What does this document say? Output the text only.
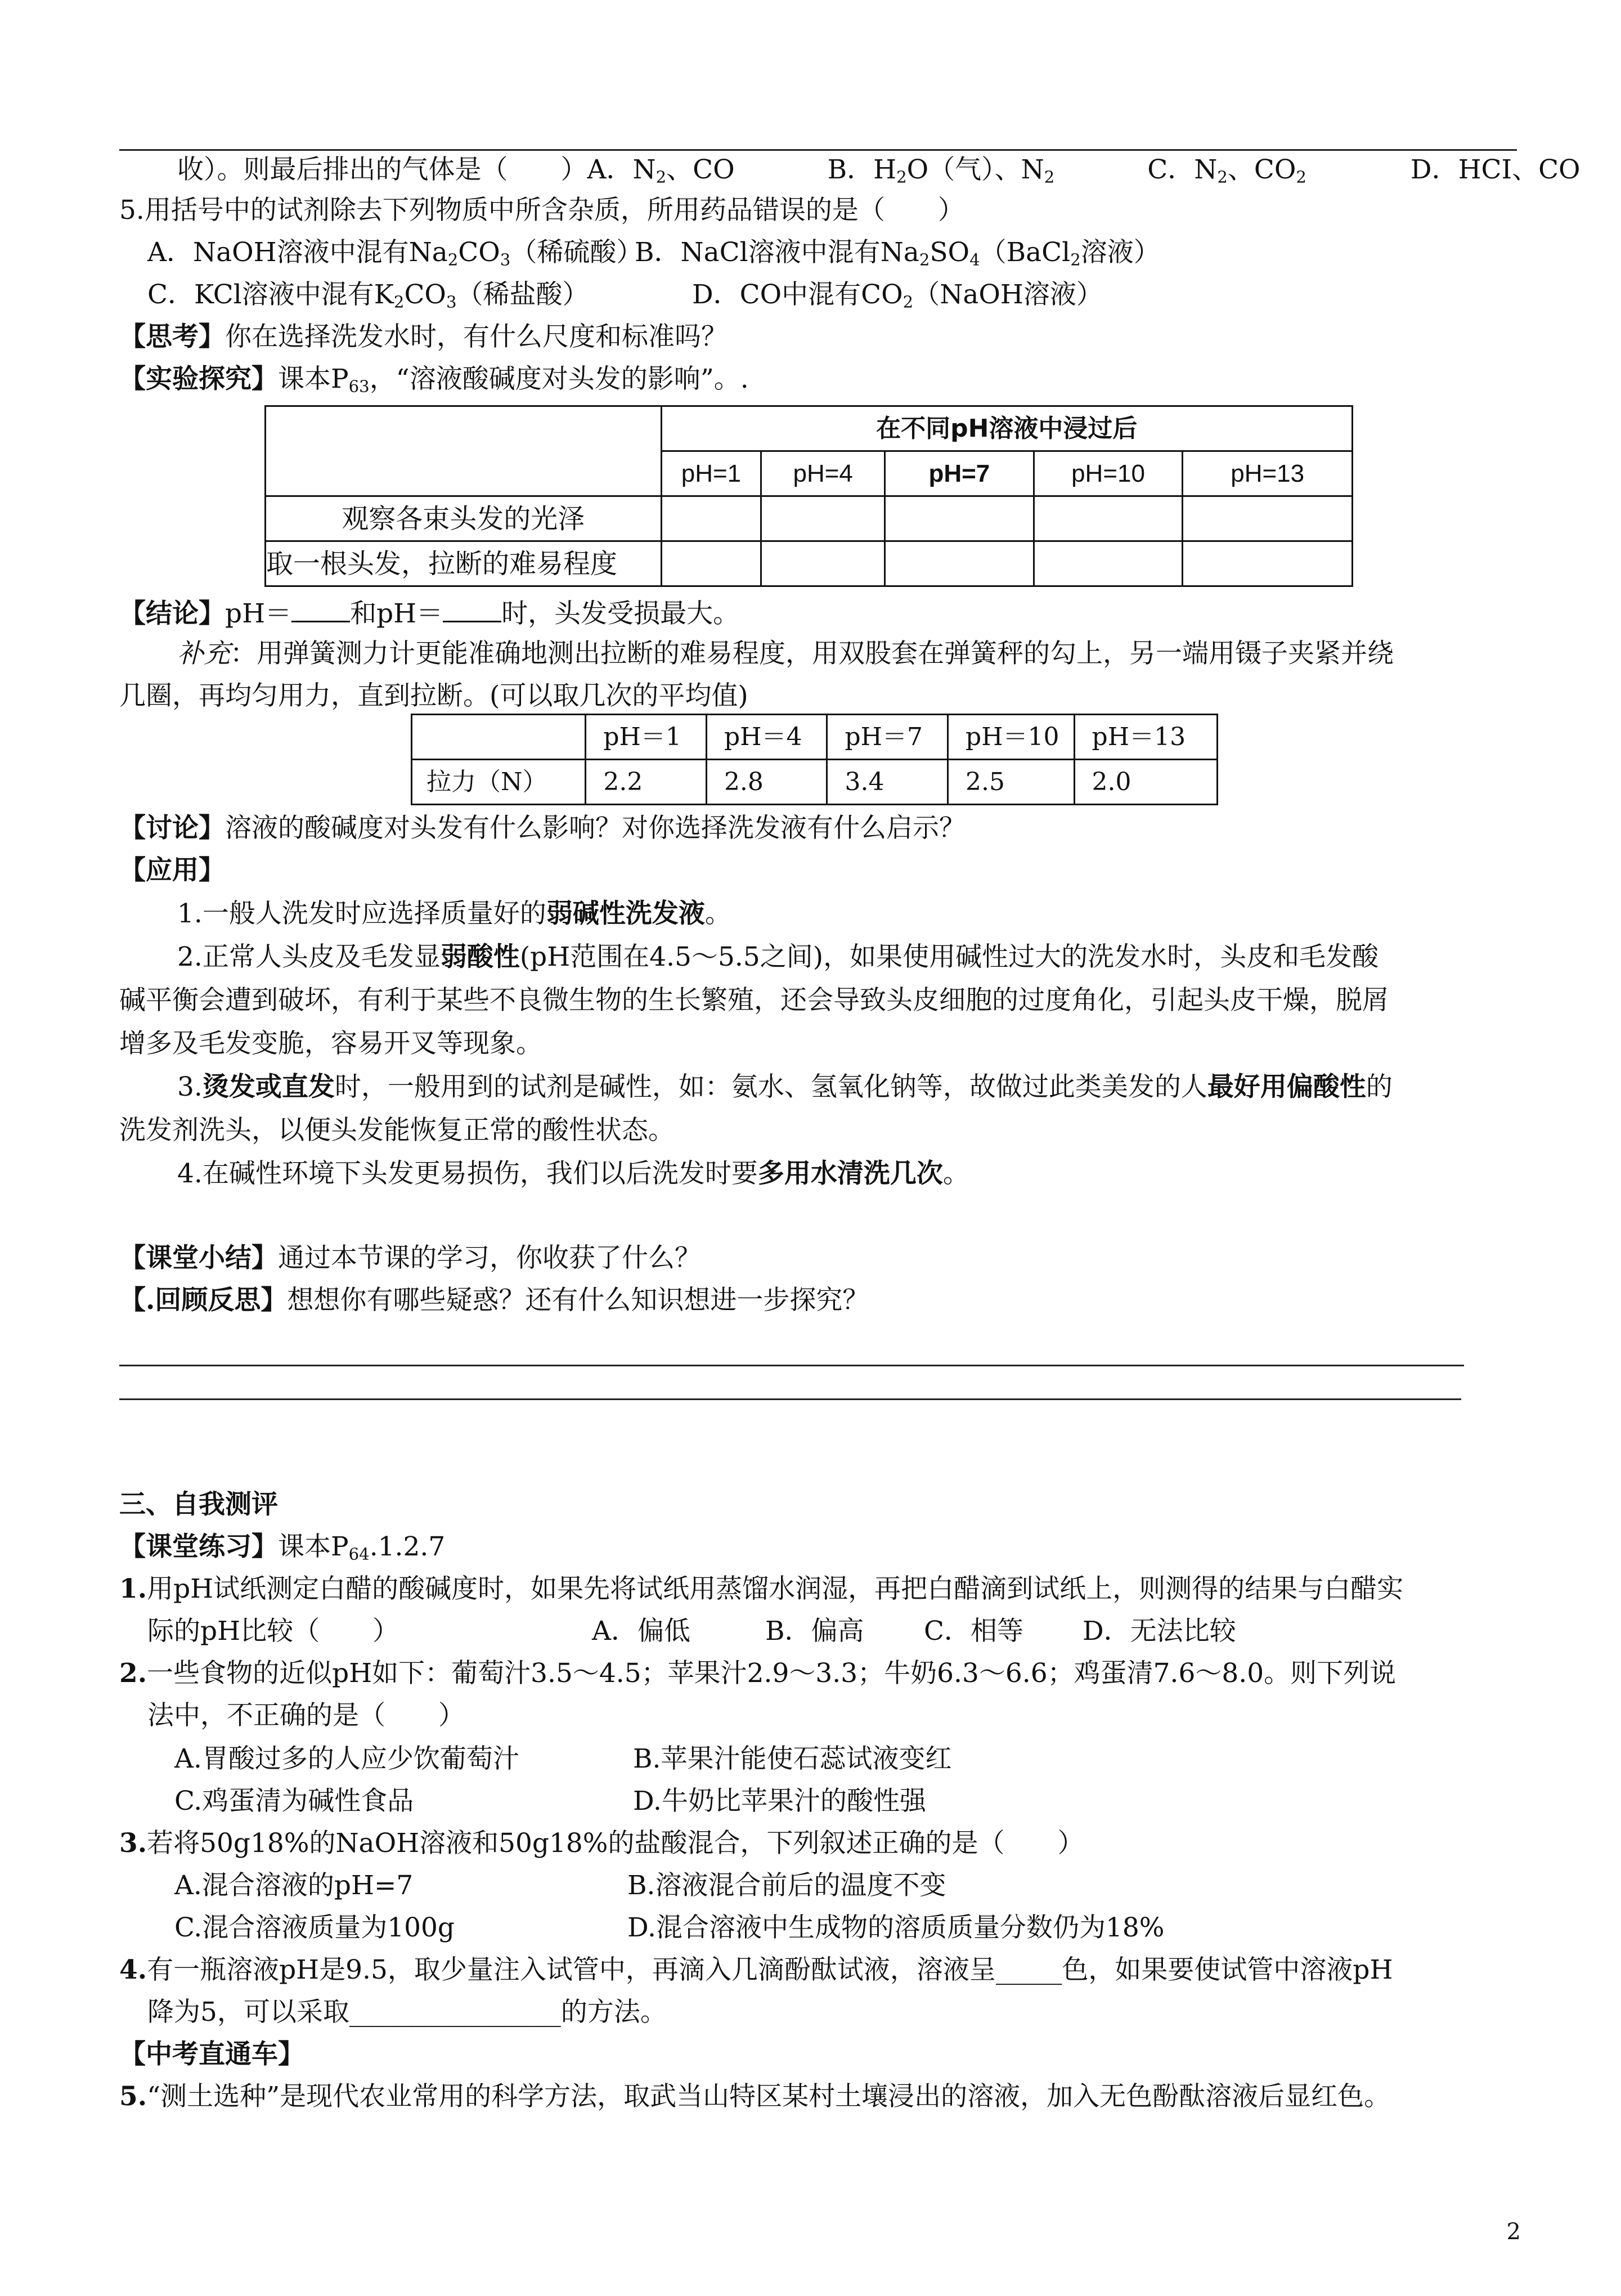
收）。则最后排出的气体是（　　）A．$N_2$、CO	B．$H_2O$（气）、$N_2$	C．$N_2$、$CO_2$	D．HCI、CO
5.用括号中的试剂除去下列物质中所含杂质，所用药品错误的是（　　）
A．NaOH溶液中混有$Na_2CO_3$（稀硫酸）
B．NaCl溶液中混有$Na_2SO_4(BaCl_2$溶液）
C．KCl溶液中混有$K_2CO_3$（稀盐酸）	D．CO中混有$CO_2(NaOH$溶液）
【思考】你在选择洗发水时，有什么尺度和标准吗？
【实验探究】课本$P_{63}$，“溶液酸碱度对头发的影响”。.
	在不同pH溶液中浸过后				
	pH=1	pH=4	pH=7	pH=10	pH=13
观察各束头发的光泽					
取一根头发，拉断的难易程度					
【结论】pH＝ 和pH＝ 时，头发受损最大。
补充：用弹簧测力计更能准确地测出拉断的难易程度，用双股套在弹簧秤的勾上，另一端用镊子夹紧并绕
几圈，再均匀用力，直到拉断。(可以取几次的平均值)
	pH＝1	pH＝4	pH＝7	pH＝10	pH＝13
拉力（N）	2.2	2.8	3.4	2.5	2.0
【讨论】溶液的酸碱度对头发有什么影响？对你选择洗发液有什么启示？
【应用】
1.一般人洗发时应选择质量好的弱碱性洗发液。
2.正常人头皮及毛发显弱酸性(pH范围在4.5～5.5之间)，如果使用碱性过大的洗发水时，头皮和毛发酸
碱平衡会遭到破坏，有利于某些不良微生物的生长繁殖，还会导致头皮细胞的过度角化，引起头皮干燥，脱屑
增多及毛发变脆，容易开叉等现象。
3.烫发或直发时，一般用到的试剂是碱性，如：氨水、氢氧化钠等，故做过此类美发的人最好用偏酸性的
洗发剂洗头，以便头发能恢复正常的酸性状态。
4.在碱性环境下头发更易损伤，我们以后洗发时要多用水清洗几次。
【课堂小结】通过本节课的学习，你收获了什么？
【.回顾反思】想想你有哪些疑惑？还有什么知识想进一步探究？
三、自我测评
【课堂练习】课本$P_{64}.1.2.7$
1.用pH试纸测定白醋的酸碱度时，如果先将试纸用蒸馏水润湿，再把白醋滴到试纸上，则测得的结果与白醋实
际的pH比较（　　）	A．偏低	B．偏高 C．相等 D．无法比较
2.一些食物的近似pH如下：葡萄汁3.5～4.5；苹果汁2.9～3.3；牛奶6.3～6.6；鸡蛋清7.6～8.0。则下列说
法中，不正确的是（　　）
A.胃酸过多的人应少饮葡萄汁	B.苹果汁能使石蕊试液变红
C.鸡蛋清为碱性食品	D.牛奶比苹果汁的酸性强
3.若将50g18%的NaOH溶液和50g18%的盐酸混合，下列叙述正确的是（　　）
A.混合溶液的pH=7	B.溶液混合前后的温度不变
C.混合溶液质量为100g	D.混合溶液中生成物的溶质质量分数仍为18%
4.有一瓶溶液pH是9.5，取少量注入试管中，再滴入几滴酚酞试液，溶液呈_____色，如果要使试管中溶液pH
降为5，可以采取________________的方法。
【中考直通车】
5.“测土选种”是现代农业常用的科学方法，取武当山特区某村土壤浸出的溶液，加入无色酚酞溶液后显红色。
2
